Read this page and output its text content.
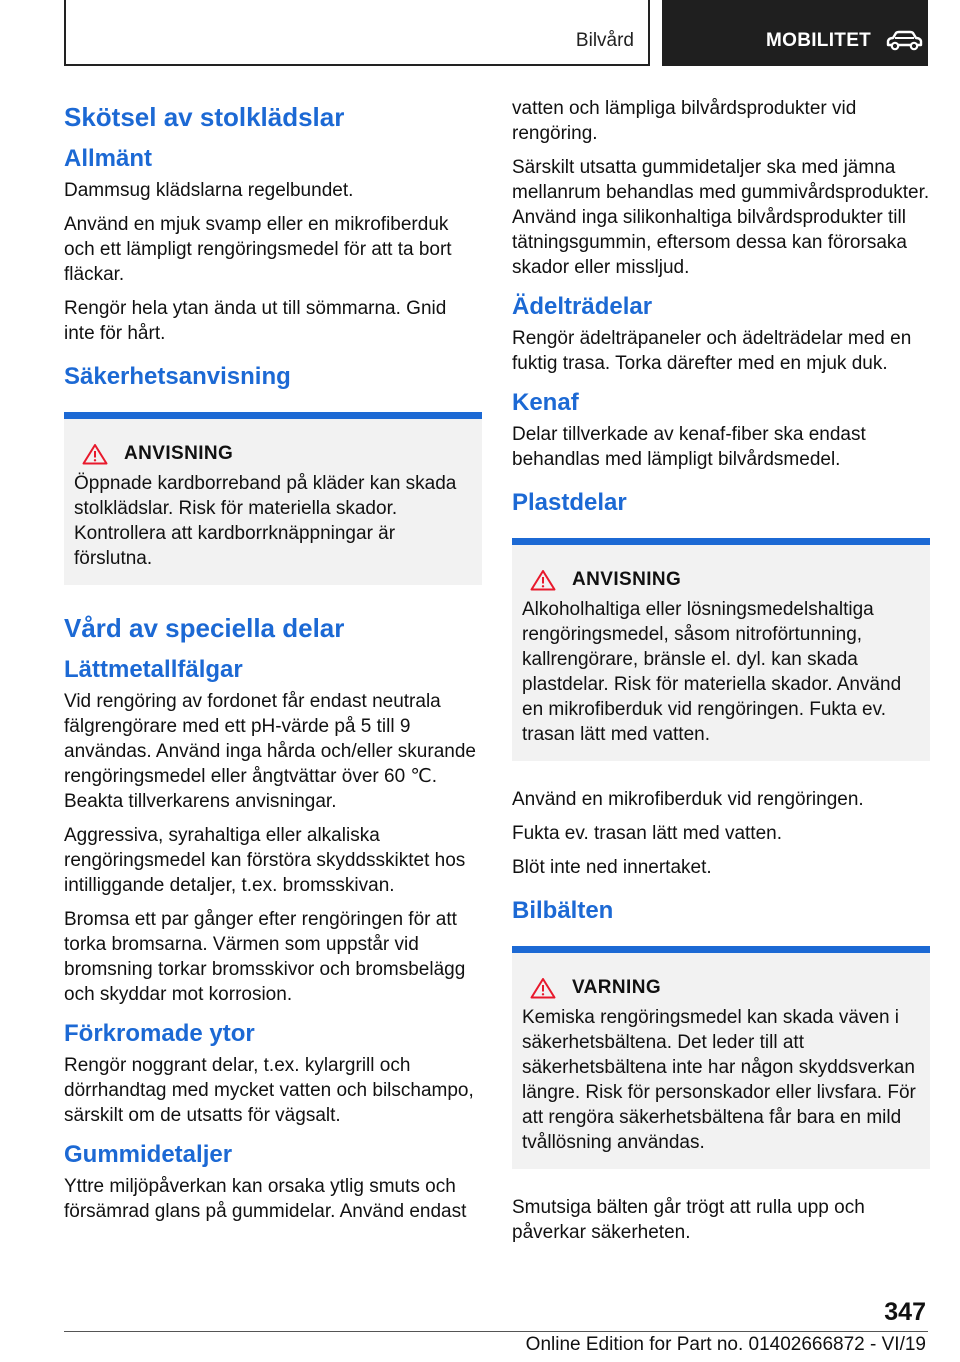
Bilvård	MOBILITET
Skötsel av stolklädslar
Allmänt

Dammsug klädslarna regelbundet.

Använd en mjuk svamp eller en mikrofiberduk och ett lämpligt rengöringsmedel för att ta bort fläckar.

Rengör hela ytan ända ut till sömmarna. Gnid inte för hårt.

Säkerhetsanvisning
ANVISNING

Öppnade kardborreband på kläder kan skada stolklädslar. Risk för materiella skador. Kontrollera att kardborrknäppningar är förslutna.

Vård av speciella delar
Lättmetallfälgar

Vid rengöring av fordonet får endast neutrala fälgrengörare med ett pH-värde på 5 till 9 användas. Använd inga hårda och/eller skurande rengöringsmedel eller ångtvättar över 60 ℃. Beakta tillverkarens anvisningar.

Aggressiva, syrahaltiga eller alkaliska rengöringsmedel kan förstöra skyddsskiktet hos intilliggande detaljer, t.ex. bromsskivan.

Bromsa ett par gånger efter rengöringen för att torka bromsarna. Värmen som uppstår vid bromsning torkar bromsskivor och bromsbelägg och skyddar mot korrosion.

Förkromade ytor

Rengör noggrant delar, t.ex. kylargrill och dörrhandtag med mycket vatten och bilschampo, särskilt om de utsatts för vägsalt.

Gummidetaljer

Yttre miljöpåverkan kan orsaka ytlig smuts och försämrad glans på gummidelar. Använd endast

vatten och lämpliga bilvårdsprodukter vid rengöring.

Särskilt utsatta gummidetaljer ska med jämna mellanrum behandlas med gummivårdsprodukter. Använd inga silikonhaltiga bilvårdsprodukter till tätningsgummin, eftersom dessa kan förorsaka skador eller missljud.

Ädelträdelar

Rengör ädelträpaneler och ädelträdelar med en fuktig trasa. Torka därefter med en mjuk duk.

Kenaf

Delar tillverkade av kenaf-fiber ska endast behandlas med lämpligt bilvårdsmedel.

Plastdelar
ANVISNING

Alkoholhaltiga eller lösningsmedelshaltiga rengöringsmedel, såsom nitroförtunning, kallrengörare, bränsle el. dyl. kan skada plastdelar. Risk för materiella skador. Använd en mikrofiberduk vid rengöringen. Fukta ev. trasan lätt med vatten.

Använd en mikrofiberduk vid rengöringen.

Fukta ev. trasan lätt med vatten.

Blöt inte ned innertaket.

Bilbälten
VARNING

Kemiska rengöringsmedel kan skada väven i säkerhetsbältena. Det leder till att säkerhetsbältena inte har någon skyddsverkan längre. Risk för personskador eller livsfara. För att rengöra säkerhetsbältena får bara en mild tvållösning användas.

Smutsiga bälten går trögt att rulla upp och påverkar säkerheten.

347
Online Edition for Part no. 01402666872 - VI/19
